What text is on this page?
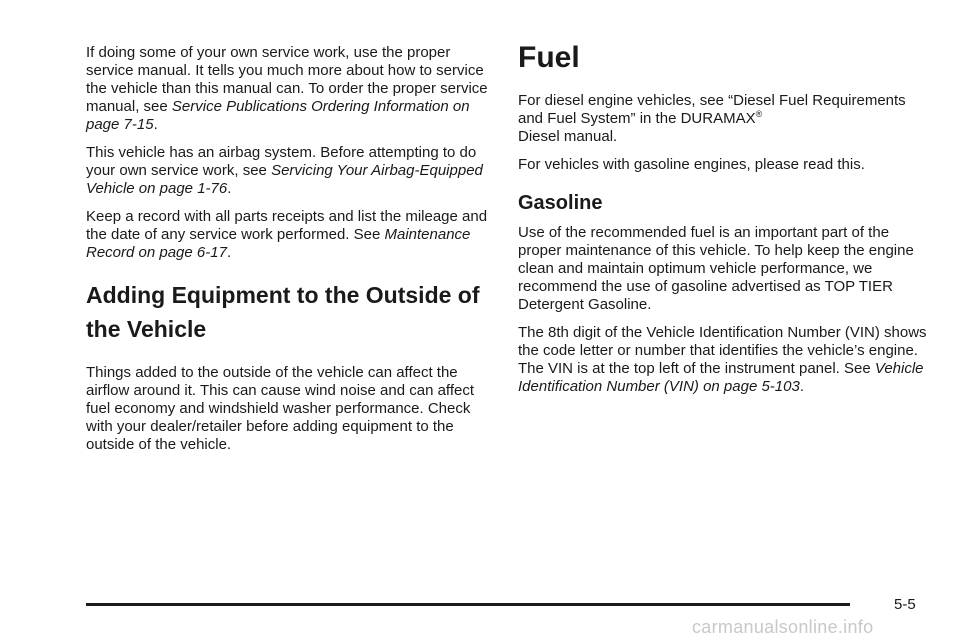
If doing some of your own service work, use the proper service manual. It tells you much more about how to service the vehicle than this manual can. To order the proper service manual, see Service Publications Ordering Information on page 7-15.

This vehicle has an airbag system. Before attempting to do your own service work, see Servicing Your Airbag-Equipped Vehicle on page 1-76.

Keep a record with all parts receipts and list the mileage and the date of any service work performed. See Maintenance Record on page 6-17.

Adding Equipment to the Outside of the Vehicle

Things added to the outside of the vehicle can affect the airflow around it. This can cause wind noise and can affect fuel economy and windshield washer performance. Check with your dealer/retailer before adding equipment to the outside of the vehicle.

Fuel

For diesel engine vehicles, see “Diesel Fuel Requirements and Fuel System” in the DURAMAX®
Diesel manual.

For vehicles with gasoline engines, please read this.

Gasoline

Use of the recommended fuel is an important part of the proper maintenance of this vehicle. To help keep the engine clean and maintain optimum vehicle performance, we recommend the use of gasoline advertised as TOP TIER Detergent Gasoline.

The 8th digit of the Vehicle Identification Number (VIN) shows the code letter or number that identifies the vehicle’s engine. The VIN is at the top left of the instrument panel. See Vehicle Identification Number (VIN) on page 5-103.

5-5
carmanualsonline.info
